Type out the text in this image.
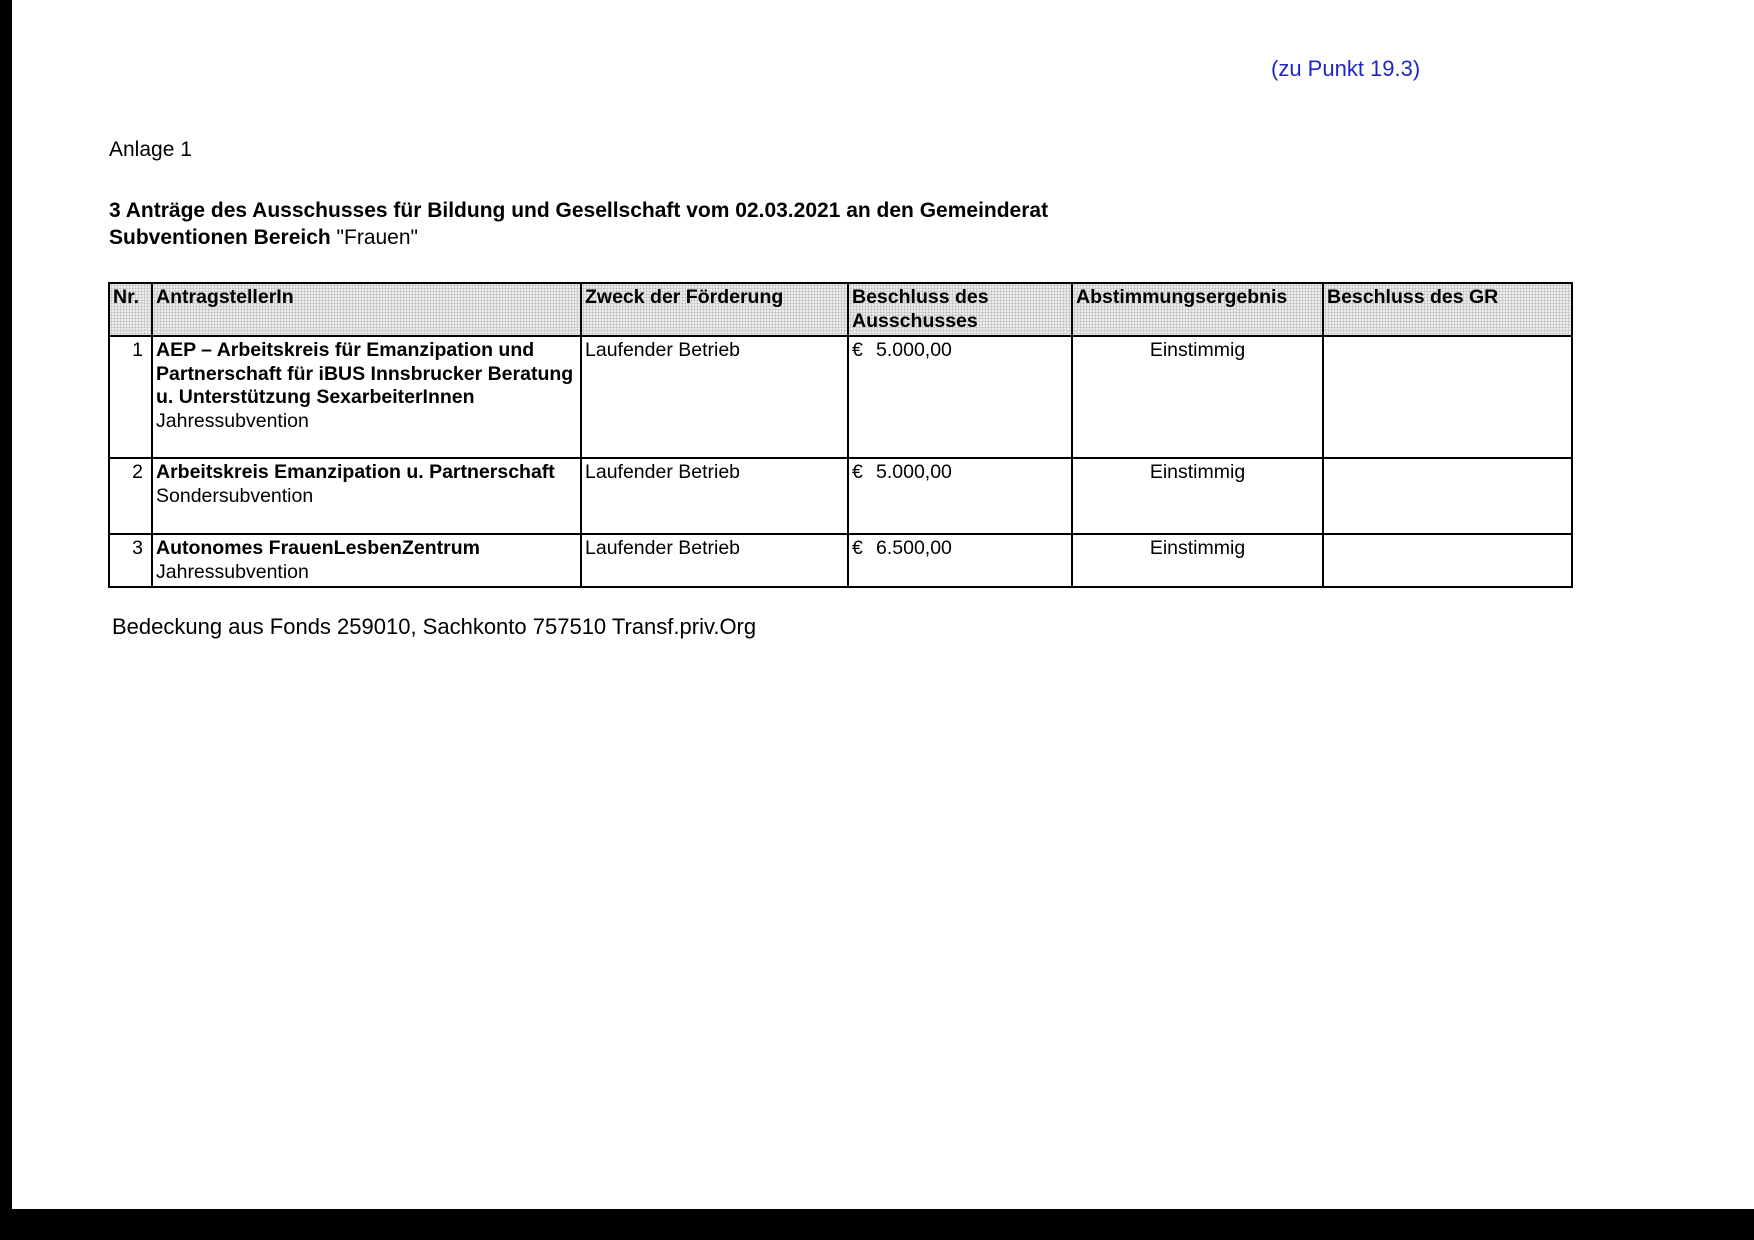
(zu Punkt 19.3)
Anlage 1
3 Anträge des Ausschusses für Bildung und Gesellschaft vom 02.03.2021 an den Gemeinderat
Subventionen Bereich "Frauen"
Nr.	AntragstellerIn	Zweck der Förderung	Beschluss des Ausschusses	Abstimmungsergebnis	Beschluss des GR
1	AEP – Arbeitskreis für Emanzipation und Partnerschaft für iBUS Innsbrucker Beratung u. Unterstützung SexarbeiterInnen
Jahressubvention	Laufender Betrieb	€ 5.000,00	Einstimmig	
2	Arbeitskreis Emanzipation u. Partnerschaft
Sondersubvention	Laufender Betrieb	€ 5.000,00	Einstimmig	
3	Autonomes FrauenLesbenZentrum
Jahressubvention	Laufender Betrieb	€ 6.500,00	Einstimmig	
Bedeckung aus Fonds 259010, Sachkonto 757510 Transf.priv.Org
